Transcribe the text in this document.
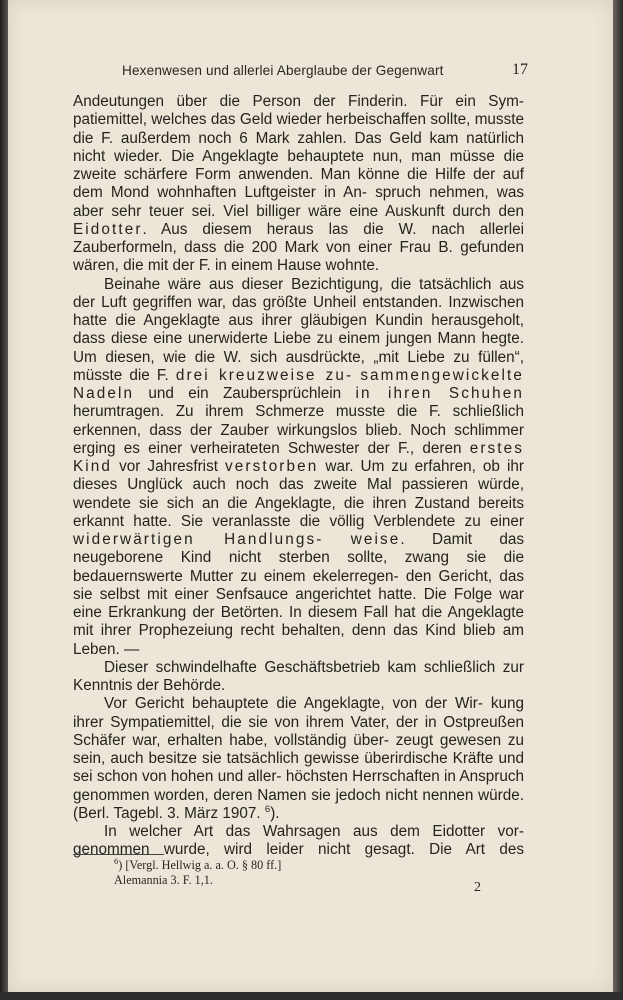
Hexenwesen und allerlei Aberglaube der Gegenwart	17

Andeutungen über die Person der Finderin. Für ein Sym- patiemittel, welches das Geld wieder herbeischaffen sollte, musste die F. außerdem noch 6 Mark zahlen. Das Geld kam natürlich nicht wieder. Die Angeklagte behauptete nun, man müsse die zweite schärfere Form anwenden. Man könne die Hilfe der auf dem Mond wohnhaften Luftgeister in An- spruch nehmen, was aber sehr teuer sei. Viel billiger wäre eine Auskunft durch den Eidotter. Aus diesem heraus las die W. nach allerlei Zauberformeln, dass die 200 Mark von einer Frau B. gefunden wären, die mit der F. in einem Hause wohnte.

Beinahe wäre aus dieser Bezichtigung, die tatsächlich aus der Luft gegriffen war, das größte Unheil entstanden. Inzwischen hatte die Angeklagte aus ihrer gläubigen Kundin herausgeholt, dass diese eine unerwiderte Liebe zu einem jungen Mann hegte. Um diesen, wie die W. sich ausdrückte, „mit Liebe zu füllen“, müsste die F. drei kreuzweise zu- sammengewickelte Nadeln und ein Zaubersprüchlein in ihren Schuhen herumtragen. Zu ihrem Schmerze musste die F. schließlich erkennen, dass der Zauber wirkungslos blieb. Noch schlimmer erging es einer verheirateten Schwester der F., deren erstes Kind vor Jahresfrist verstorben war. Um zu erfahren, ob ihr dieses Unglück auch noch das zweite Mal passieren würde, wendete sie sich an die Angeklagte, die ihren Zustand bereits erkannt hatte. Sie veranlasste die völlig Verblendete zu einer widerwärtigen Handlungs- weise. Damit das neugeborene Kind nicht sterben sollte, zwang sie die bedauernswerte Mutter zu einem ekelerregen- den Gericht, das sie selbst mit einer Senfsauce angerichtet hatte. Die Folge war eine Erkrankung der Betörten. In diesem Fall hat die Angeklagte mit ihrer Prophezeiung recht behalten, denn das Kind blieb am Leben. —

Dieser schwindelhafte Geschäftsbetrieb kam schließlich zur Kenntnis der Behörde.

Vor Gericht behauptete die Angeklagte, von der Wir- kung ihrer Sympatiemittel, die sie von ihrem Vater, der in Ostpreußen Schäfer war, erhalten habe, vollständig über- zeugt gewesen zu sein, auch besitze sie tatsächlich gewisse überirdische Kräfte und sei schon von hohen und aller- höchsten Herrschaften in Anspruch genommen worden, deren Namen sie jedoch nicht nennen würde. (Berl. Tagebl. 3. März 1907. $^6$).

In welcher Art das Wahrsagen aus dem Eidotter vor- genommen wurde, wird leider nicht gesagt. Die Art des

$^6$) [Vergl. Hellwig a. a. O. § 80 ff.]
Alemannia 3. F. 1,1.	2
